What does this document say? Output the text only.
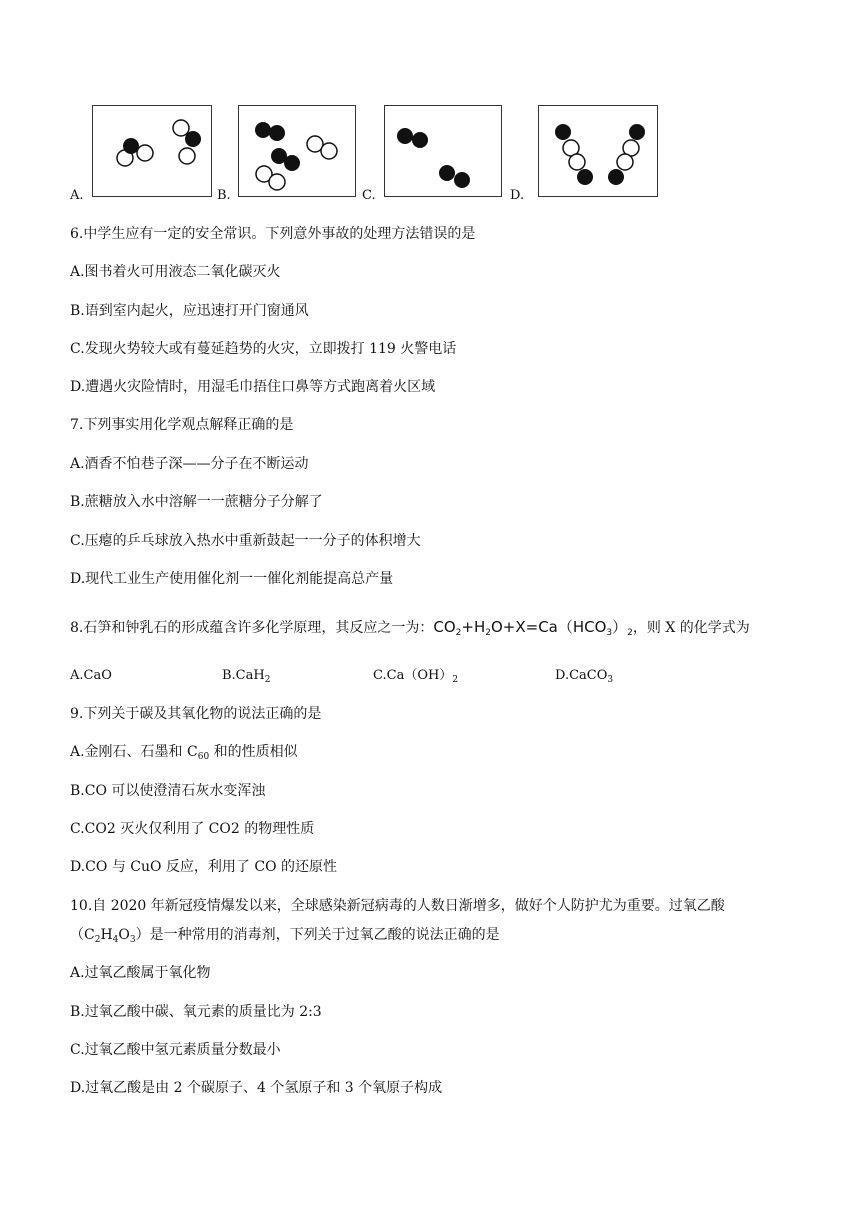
A.	B.	C.	D.
6.中学生应有一定的安全常识。下列意外事故的处理方法错误的是
A.图书着火可用液态二氧化碳灭火
B.语到室内起火，应迅速打开门窗通风
C.发现火势较大或有蔓延趋势的火灾，立即拨打 119 火警电话
D.遭遇火灾险情时，用湿毛巾捂住口鼻等方式跑离着火区域
7.下列事实用化学观点解释正确的是
A.酒香不怕巷子深——分子在不断运动
B.蔗糖放入水中溶解一一蔗糖分子分解了
C.压瘪的乒乓球放入热水中重新鼓起一一分子的体积增大
D.现代工业生产使用催化剂一一催化剂能提高总产量
8.石笋和钟乳石的形成蕴含许多化学原理，其反应之一为：$CO_2+H_2O+X=Ca(HCO_3)_2$，则 X 的化学式为
A.CaO	B.CaH$_2$	$C.Ca(OH)_2$	D.CaCO$_3$
9.下列关于碳及其氧化物的说法正确的是
A.金刚石、石墨和 $C_{60}$ 和的性质相似
B.CO 可以使澄清石灰水变浑浊
C.CO2 灭火仅利用了 CO2 的物理性质
D.CO 与 CuO 反应，利用了 CO 的还原性
10.自 2020 年新冠疫情爆发以来，全球感染新冠病毒的人数日渐增多，做好个人防护尤为重要。过氧乙酸
$(C_2H_4O_3)$是一种常用的消毒剂，下列关于过氧乙酸的说法正确的是
A.过氧乙酸属于氧化物
B.过氧乙酸中碳、氧元素的质量比为 2:3
C.过氧乙酸中氢元素质量分数最小
D.过氧乙酸是由 2 个碳原子、4 个氢原子和 3 个氧原子构成
